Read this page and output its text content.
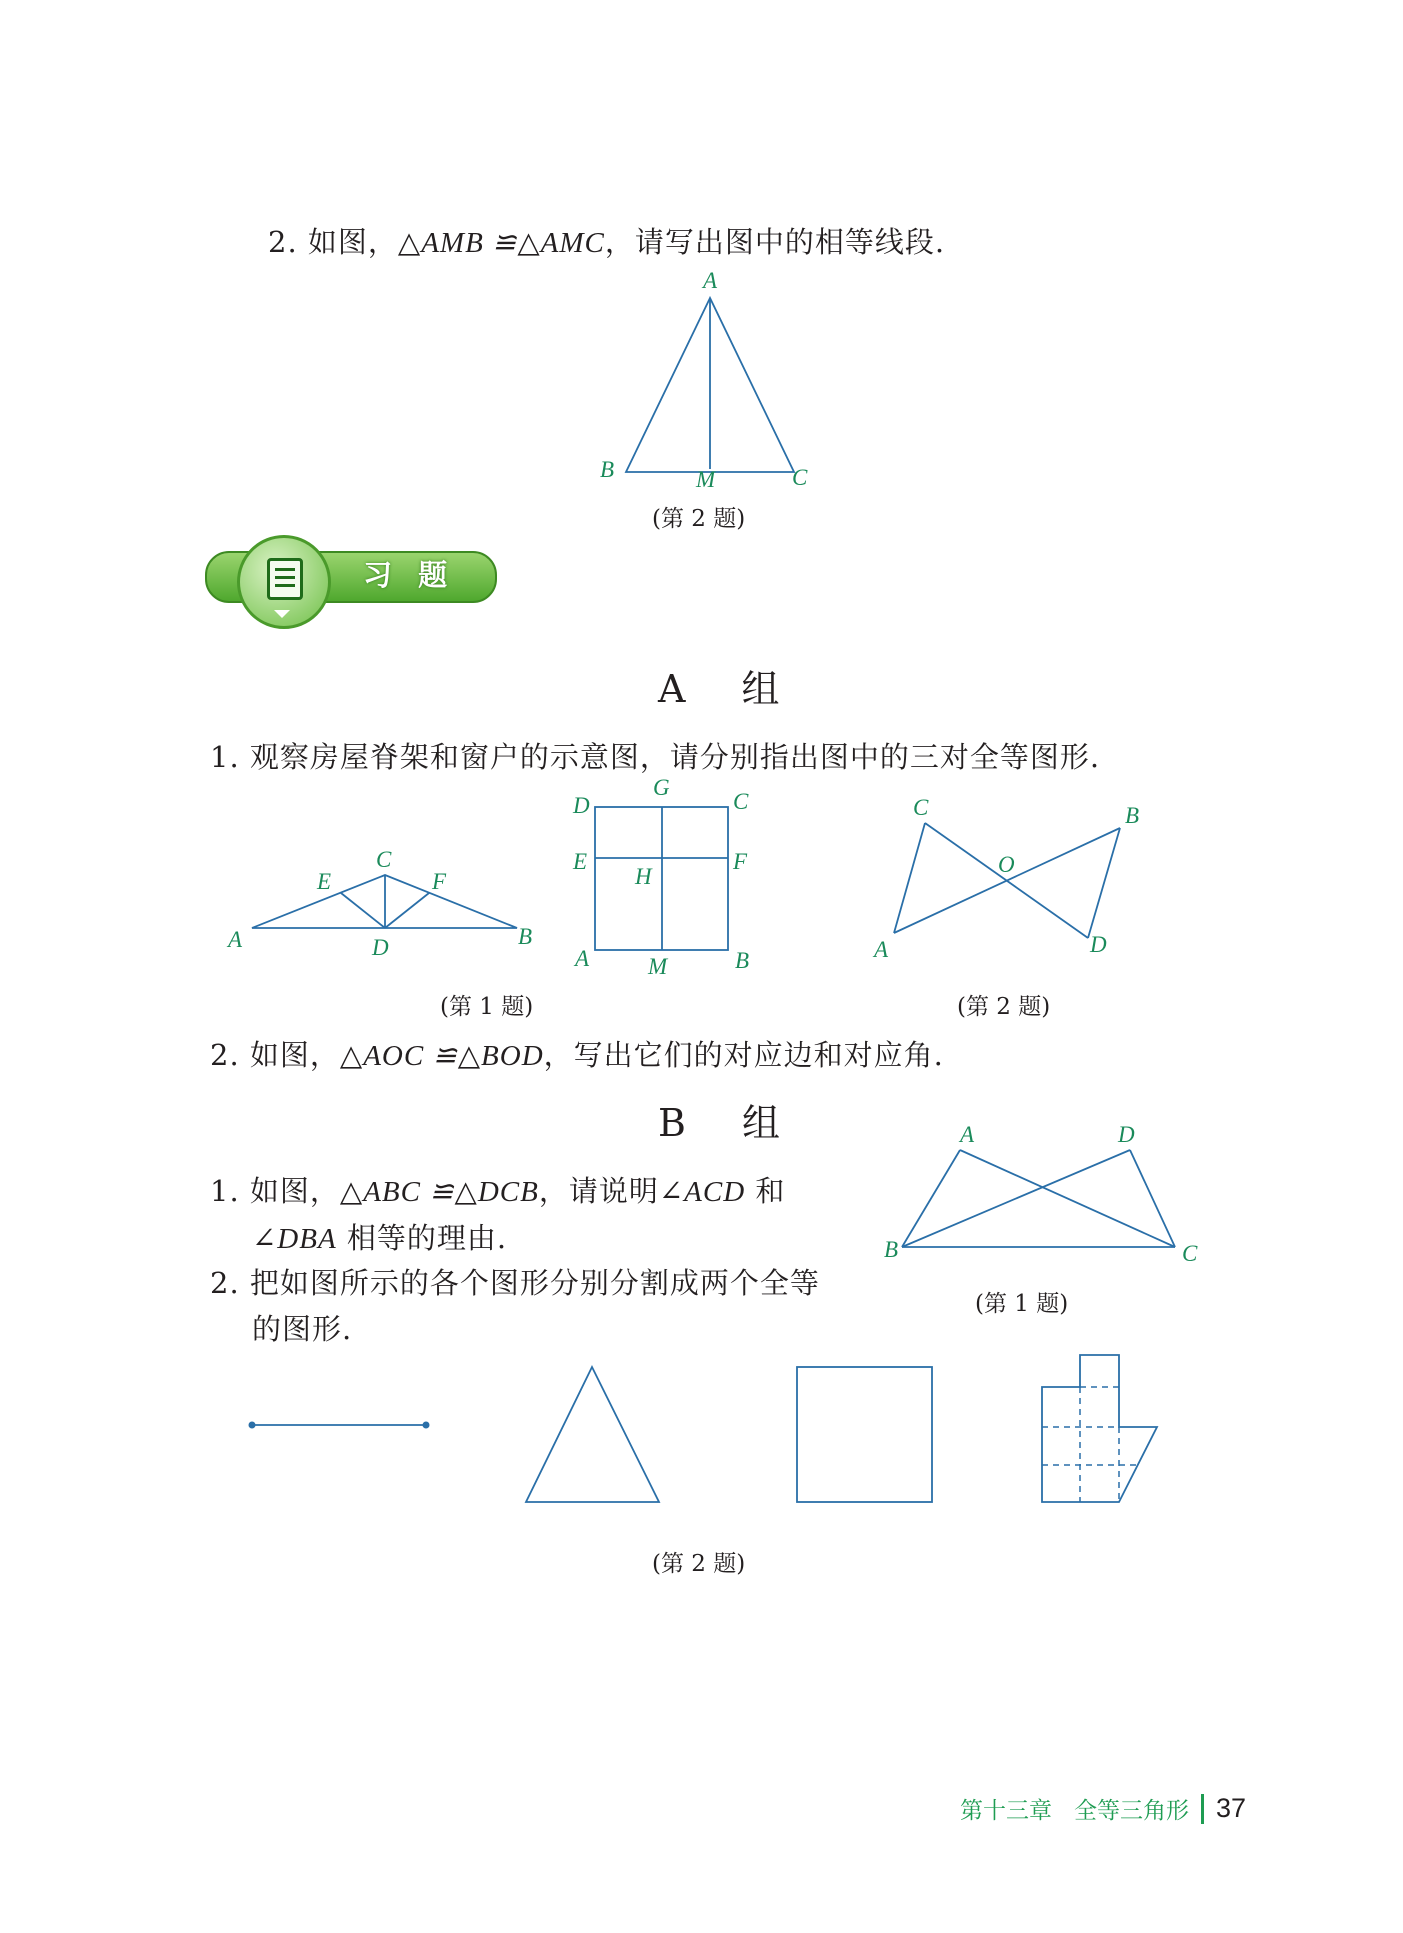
2. 如图，△AMB ≌△AMC，请写出图中的相等线段.
A
B	M	C
(第 2 题)
习 题
A 组
1. 观察房屋脊架和窗户的示意图，请分别指出图中的三对全等图形.
A	B
C
D
E	F
D
G
C
E
H
F
A	M	B
C	B
O
A	D
(第 1 题)	(第 2 题)
2. 如图，△AOC ≌△BOD，写出它们的对应边和对应角.
B 组
1. 如图，△ABC ≌△DCB，请说明∠ACD 和
∠DBA 相等的理由.
2. 把如图所示的各个图形分别分割成两个全等
的图形.
A	D
B	C
(第 1 题)
(第 2 题)
第十三章 全等三角形 37
